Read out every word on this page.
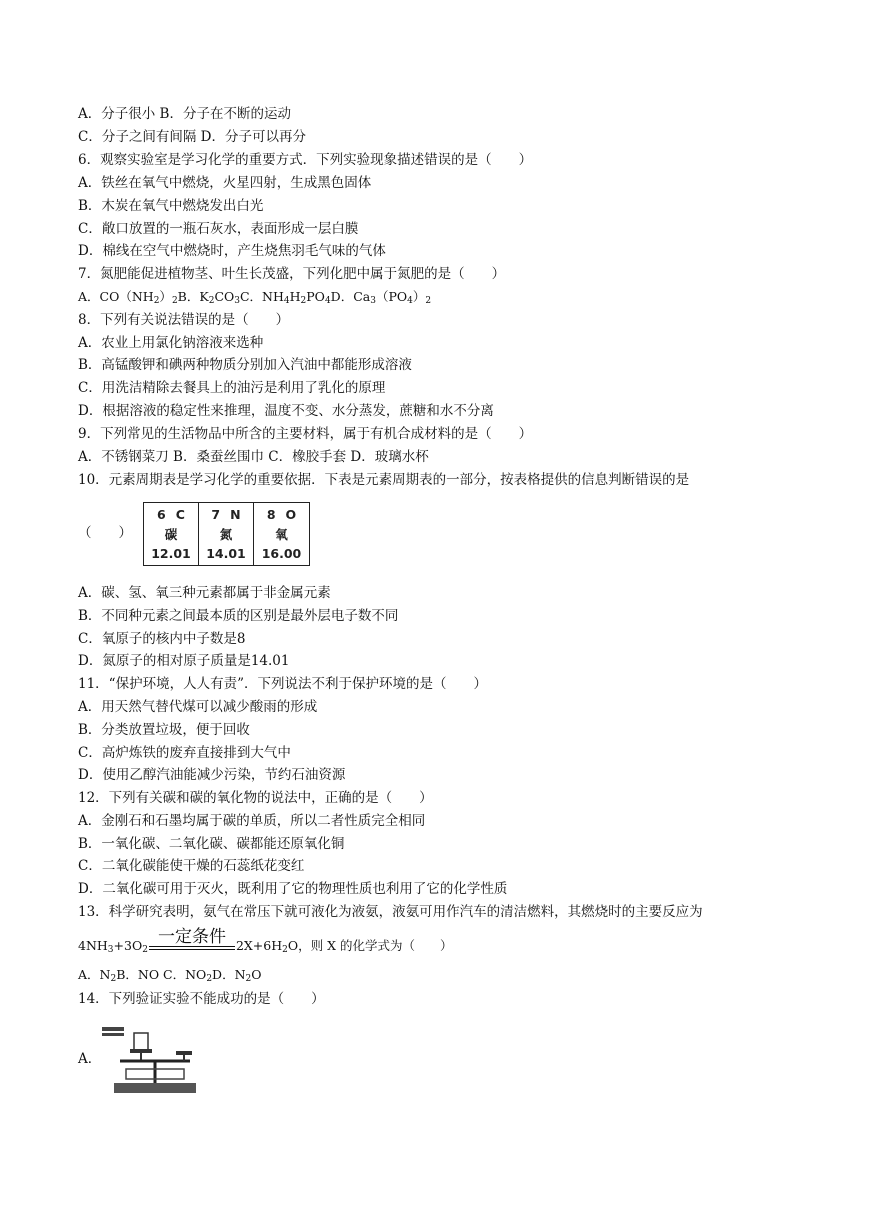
A．分子很小 B．分子在不断的运动
C．分子之间有间隔 D．分子可以再分
6．观察实验室是学习化学的重要方式．下列实验现象描述错误的是（　　）
A．铁丝在氧气中燃烧，火星四射，生成黑色固体
B．木炭在氧气中燃烧发出白光
C．敞口放置的一瓶石灰水，表面形成一层白膜
D．棉线在空气中燃烧时，产生烧焦羽毛气味的气体
7．氮肥能促进植物茎、叶生长茂盛，下列化肥中属于氮肥的是（　　）
A．$CO(NH_2)_2B$．$K_2CO_3C$．$NH_4H_2PO_4D$．$Ca_3(PO_4)_2$
8．下列有关说法错误的是（　　）
A．农业上用氯化钠溶液来选种
B．高锰酸钾和碘两种物质分别加入汽油中都能形成溶液
C．用洗洁精除去餐具上的油污是利用了乳化的原理
D．根据溶液的稳定性来推理，温度不变、水分蒸发，蔗糖和水不分离
9．下列常见的生活物品中所含的主要材料，属于有机合成材料的是（　　）
A．不锈钢菜刀 B．桑蚕丝围巾 C．橡胶手套 D．玻璃水杯
10．元素周期表是学习化学的重要依据．下表是元素周期表的一部分，按表格提供的信息判断错误的是
（　　）
6 C
碳
12.01
7 N
氮
14.01
8 O
氧
16.00
A．碳、氢、氧三种元素都属于非金属元素
B．不同种元素之间最本质的区别是最外层电子数不同
C．氧原子的核内中子数是8
D．氮原子的相对原子质量是14.01
11．“保护环境，人人有责”．下列说法不利于保护环境的是（　　）
A．用天然气替代煤可以减少酸雨的形成
B．分类放置垃圾，便于回收
C．高炉炼铁的废弃直接排到大气中
D．使用乙醇汽油能减少污染，节约石油资源
12．下列有关碳和碳的氧化物的说法中，正确的是（　　）
A．金刚石和石墨均属于碳的单质，所以二者性质完全相同
B．一氧化碳、二氧化碳、碳都能还原氧化铜
C．二氧化碳能使干燥的石蕊纸花变红
D．二氧化碳可用于灭火，既利用了它的物理性质也利用了它的化学性质
13．科学研究表明，氨气在常压下就可液化为液氨，液氨可用作汽车的清洁燃料，其燃烧时的主要反应为
$4NH_3+3O_2$
一定条件 $2X+6H_2O$，则 X 的化学式为（　　）
A．$N_2B$．NO C．$NO_2D$．$N_2O$
14．下列验证实验不能成功的是（　　）
A．
